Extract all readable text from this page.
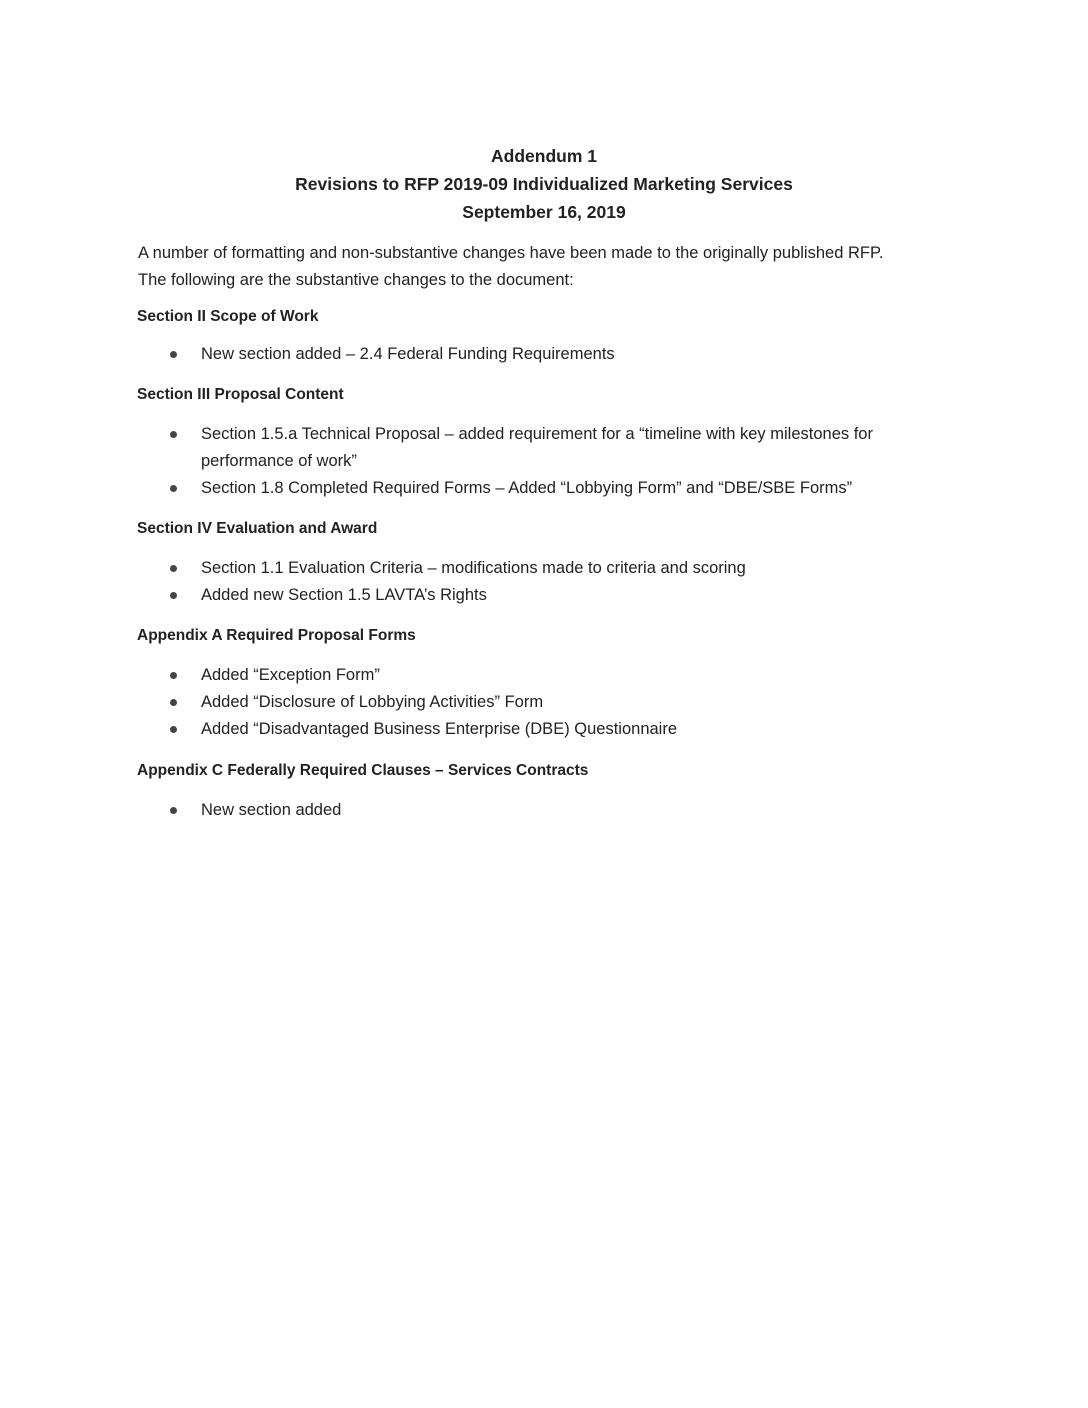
Addendum 1
Revisions to RFP 2019-09 Individualized Marketing Services
September 16, 2019
A number of formatting and non-substantive changes have been made to the originally published RFP.
The following are the substantive changes to the document:
Section II Scope of Work
New section added – 2.4 Federal Funding Requirements
Section III Proposal Content
Section 1.5.a Technical Proposal – added requirement for a “timeline with key milestones for performance of work”
Section 1.8 Completed Required Forms – Added “Lobbying Form” and “DBE/SBE Forms”
Section IV Evaluation and Award
Section 1.1 Evaluation Criteria – modifications made to criteria and scoring
Added new Section 1.5 LAVTA’s Rights
Appendix A Required Proposal Forms
Added “Exception Form”
Added “Disclosure of Lobbying Activities” Form
Added “Disadvantaged Business Enterprise (DBE) Questionnaire
Appendix C Federally Required Clauses – Services Contracts
New section added
